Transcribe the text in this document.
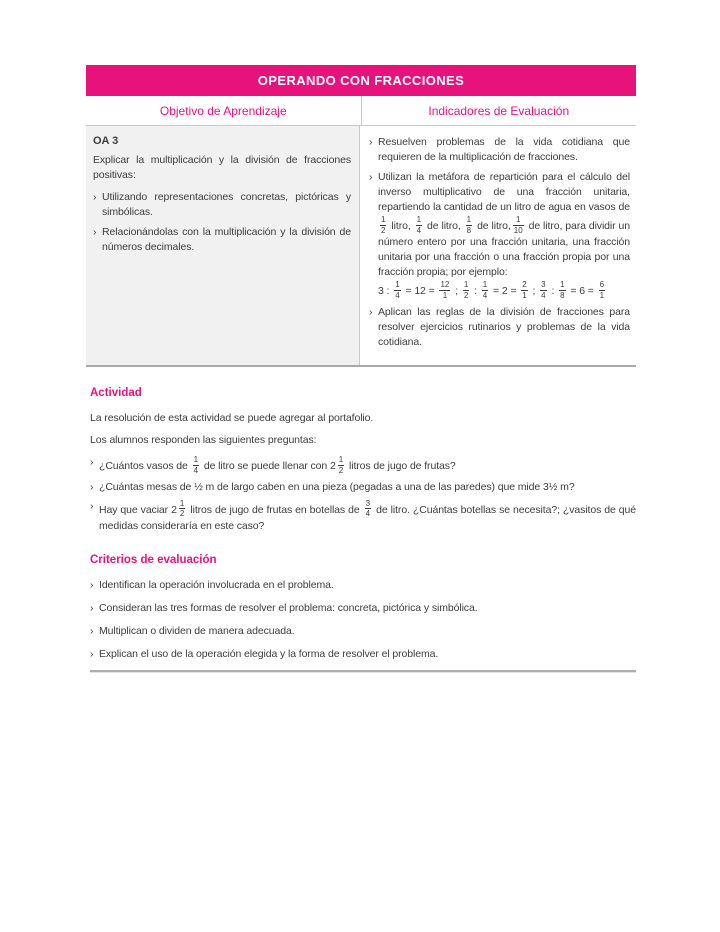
OPERANDO CON FRACCIONES
Objetivo de Aprendizaje	Indicadores de Evaluación
OA 3

Explicar la multiplicación y la división de fracciones positivas:

› Utilizando representaciones concretas, pictóricas y simbólicas.
› Relacionándolas con la multiplicación y la división de números decimales.
› Resuelven problemas de la vida cotidiana que requieren de la multiplicación de fracciones.
› Utilizan la metáfora de repartición para el cálculo del inverso multiplicativo de una fracción unitaria, repartiendo la cantidad de un litro de agua en vasos de
$\frac{1}{2}$ litro, $\frac{1}{4}$ de litro, $\frac{1}{8}$ de litro, $\frac{1}{10}$ de litro, para dividir un número entero por una fracción unitaria, una fracción unitaria por una fracción o una fracción propia por una fracción propia; por ejemplo:
3 : $\frac{1}{4} = 12 = \frac{12}{1}$ ; $\frac{1}{2}$ : $\frac{1}{4} = 2 = \frac{2}{1}$ ; $\frac{3}{4}$ : $\frac{1}{8} = 6 = \frac{6}{1}$
› Aplican las reglas de la división de fracciones para resolver ejercicios rutinarios y problemas de la vida cotidiana.
Actividad

La resolución de esta actividad se puede agregar al portafolio.

Los alumnos responden las siguientes preguntas:

› ¿Cuántos vasos de $\frac{1}{4}$ de litro se puede llenar con $2 \frac{1}{2}$ litros de jugo de frutas?
› ¿Cuántas mesas de ½ m de largo caben en una pieza (pegadas a una de las paredes) que mide 3½ m?
› Hay que vaciar $2 \frac{1}{2}$ litros de jugo de frutas en botellas de $\frac{3}{4}$ de litro. ¿Cuántas botellas se necesita?; ¿vasitos de qué medidas consideraría en este caso?
Criterios de evaluación
› Identifican la operación involucrada en el problema.
› Consideran las tres formas de resolver el problema: concreta, pictórica y simbólica.
› Multiplican o dividen de manera adecuada.
› Explican el uso de la operación elegida y la forma de resolver el problema.
